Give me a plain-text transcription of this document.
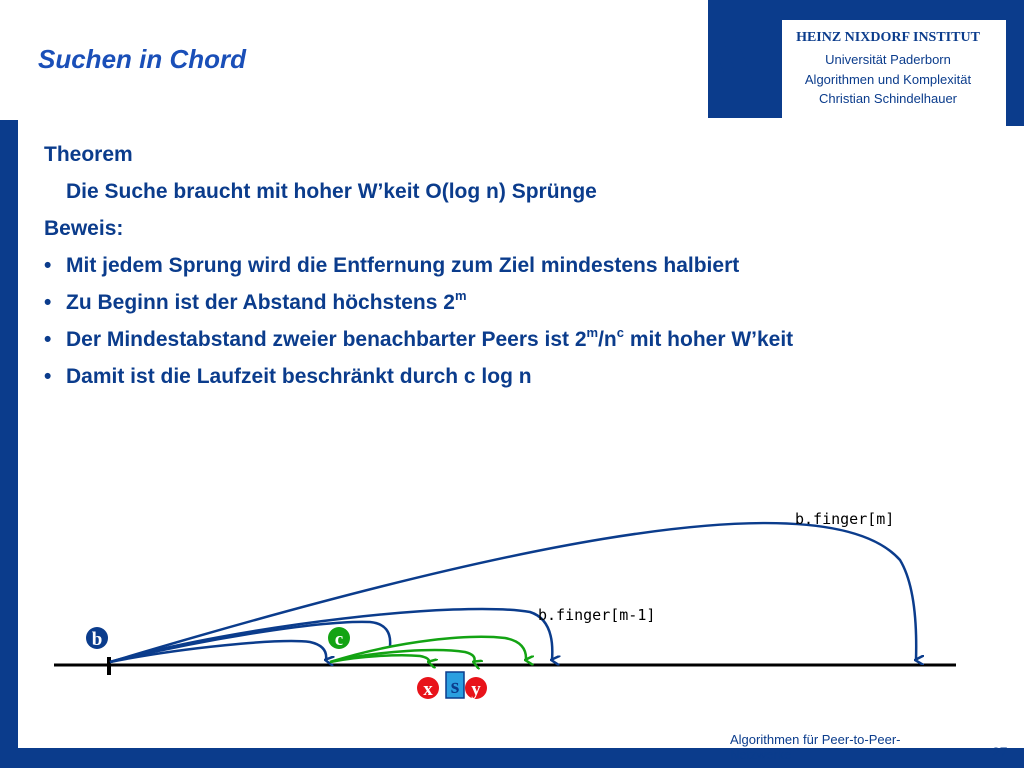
HEINZ NIXDORF INSTITUT
Universität Paderborn
Algorithmen und Komplexität
Christian Schindelhauer
Suchen in Chord
Theorem
Die Suche braucht mit hoher W’keit O(log n) Sprünge
Beweis:
• Mit jedem Sprung wird die Entfernung zum Ziel mindestens halbiert
• Zu Beginn ist der Abstand höchstens 2$^m$
• Der Mindestabstand zweier benachbarter Peers ist $2^m/n^c$ mit hoher W’keit
• Damit ist die Laufzeit beschränkt durch c log n
b.finger[m]
b.finger[m-1]
b	c
x s y
Algorithmen für Peer-to-Peer-
Netzwerke	27
